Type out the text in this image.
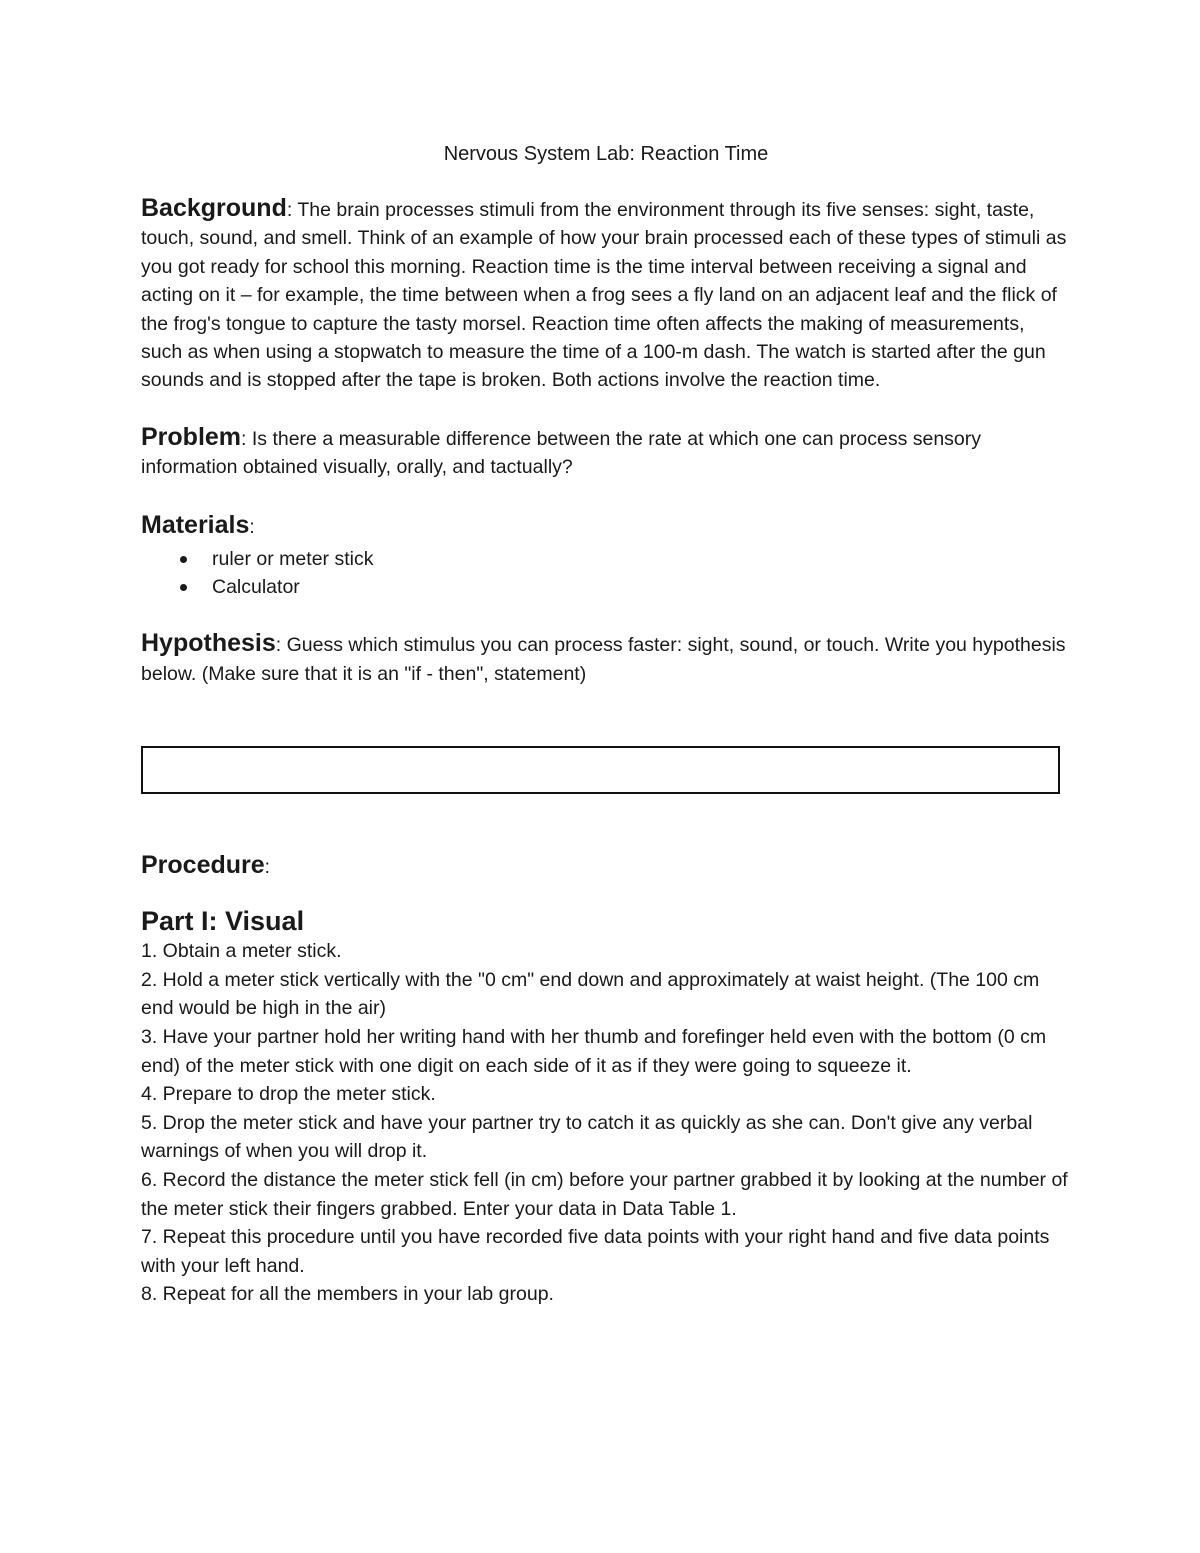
Nervous System Lab: Reaction Time

Background: The brain processes stimuli from the environment through its five senses: sight, taste, touch, sound, and smell. Think of an example of how your brain processed each of these types of stimuli as you got ready for school this morning. Reaction time is the time interval between receiving a signal and acting on it – for example, the time between when a frog sees a fly land on an adjacent leaf and the flick of the frog's tongue to capture the tasty morsel. Reaction time often affects the making of measurements, such as when using a stopwatch to measure the time of a 100-m dash. The watch is started after the gun sounds and is stopped after the tape is broken. Both actions involve the reaction time.

Problem: Is there a measurable difference between the rate at which one can process sensory information obtained visually, orally, and tactually?

Materials:

ruler or meter stick
Calculator

Hypothesis: Guess which stimulus you can process faster: sight, sound, or touch. Write you hypothesis below. (Make sure that it is an "if - then", statement)

Procedure:

Part I: Visual

1. Obtain a meter stick.
2. Hold a meter stick vertically with the "0 cm" end down and approximately at waist height. (The 100 cm end would be high in the air)
3. Have your partner hold her writing hand with her thumb and forefinger held even with the bottom (0 cm end) of the meter stick with one digit on each side of it as if they were going to squeeze it.
4. Prepare to drop the meter stick.
5. Drop the meter stick and have your partner try to catch it as quickly as she can. Don't give any verbal warnings of when you will drop it.
6. Record the distance the meter stick fell (in cm) before your partner grabbed it by looking at the number of the meter stick their fingers grabbed. Enter your data in Data Table 1.
7. Repeat this procedure until you have recorded five data points with your right hand and five data points with your left hand.
8. Repeat for all the members in your lab group.
